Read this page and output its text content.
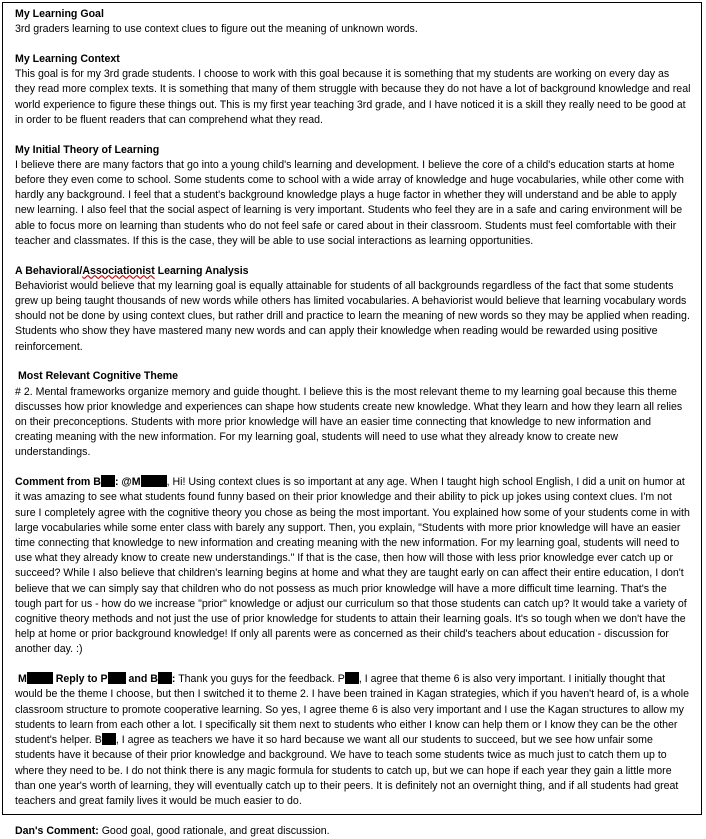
My Learning Goal

3rd graders learning to use context clues to figure out the meaning of unknown words.

My Learning Context

This goal is for my 3rd grade students. I choose to work with this goal because it is something that my students are working on every day as they read more complex texts. It is something that many of them struggle with because they do not have a lot of background knowledge and real world experience to figure these things out. This is my first year teaching 3rd grade, and I have noticed it is a skill they really need to be good at in order to be fluent readers that can comprehend what they read.

My Initial Theory of Learning

I believe there are many factors that go into a young child's learning and development. I believe the core of a child's education starts at home before they even come to school. Some students come to school with a wide array of knowledge and huge vocabularies, while other come with hardly any background. I feel that a student's background knowledge plays a huge factor in whether they will understand and be able to apply new learning. I also feel that the social aspect of learning is very important. Students who feel they are in a safe and caring environment will be able to focus more on learning than students who do not feel safe or cared about in their classroom. Students must feel comfortable with their teacher and classmates. If this is the case, they will be able to use social interactions as learning opportunities.

A Behavioral/Associationist Learning Analysis

Behaviorist would believe that my learning goal is equally attainable for students of all backgrounds regardless of the fact that some students grew up being taught thousands of new words while others has limited vocabularies. A behaviorist would believe that learning vocabulary words should not be done by using context clues, but rather drill and practice to learn the meaning of new words so they may be applied when reading. Students who show they have mastered many new words and can apply their knowledge when reading would be rewarded using positive reinforcement.

Most Relevant Cognitive Theme

# 2. Mental frameworks organize memory and guide thought. I believe this is the most relevant theme to my learning goal because this theme discusses how prior knowledge and experiences can shape how students create new knowledge. What they learn and how they learn all relies on their preconceptions. Students with more prior knowledge will have an easier time connecting that knowledge to new information and creating meaning with the new information. For my learning goal, students will need to use what they already know to create new understandings.

Comment from B : @M , Hi! Using context clues is so important at any age. When I taught high school English, I did a unit on humor at it was amazing to see what students found funny based on their prior knowledge and their ability to pick up jokes using context clues. I'm not sure I completely agree with the cognitive theory you chose as being the most important. You explained how some of your students come in with large vocabularies while some enter class with barely any support. Then, you explain, "Students with more prior knowledge will have an easier time connecting that knowledge to new information and creating meaning with the new information. For my learning goal, students will need to use what they already know to create new understandings." If that is the case, then how will those with less prior knowledge ever catch up or succeed? While I also believe that children's learning begins at home and what they are taught early on can affect their entire education, I don't believe that we can simply say that children who do not possess as much prior knowledge will have a more difficult time learning. That's the tough part for us - how do we increase "prior" knowledge or adjust our curriculum so that those students can catch up? It would take a variety of cognitive theory methods and not just the use of prior knowledge for students to attain their learning goals. It's so tough when we don't have the help at home or prior background knowledge! If only all parents were as concerned as their child's teachers about education - discussion for another day. :)

M Reply to P and B : Thank you guys for the feedback. P , I agree that theme 6 is also very important. I initially thought that would be the theme I choose, but then I switched it to theme 2. I have been trained in Kagan strategies, which if you haven't heard of, is a whole classroom structure to promote cooperative learning. So yes, I agree theme 6 is also very important and I use the Kagan structures to allow my students to learn from each other a lot. I specifically sit them next to students who either I know can help them or I know they can be the other student's helper. B , I agree as teachers we have it so hard because we want all our students to succeed, but we see how unfair some students have it because of their prior knowledge and background. We have to teach some students twice as much just to catch them up to where they need to be. I do not think there is any magic formula for students to catch up, but we can hope if each year they gain a little more than one year's worth of learning, they will eventually catch up to their peers. It is definitely not an overnight thing, and if all students had great teachers and great family lives it would be much easier to do.

Dan's Comment: Good goal, good rationale, and great discussion.
